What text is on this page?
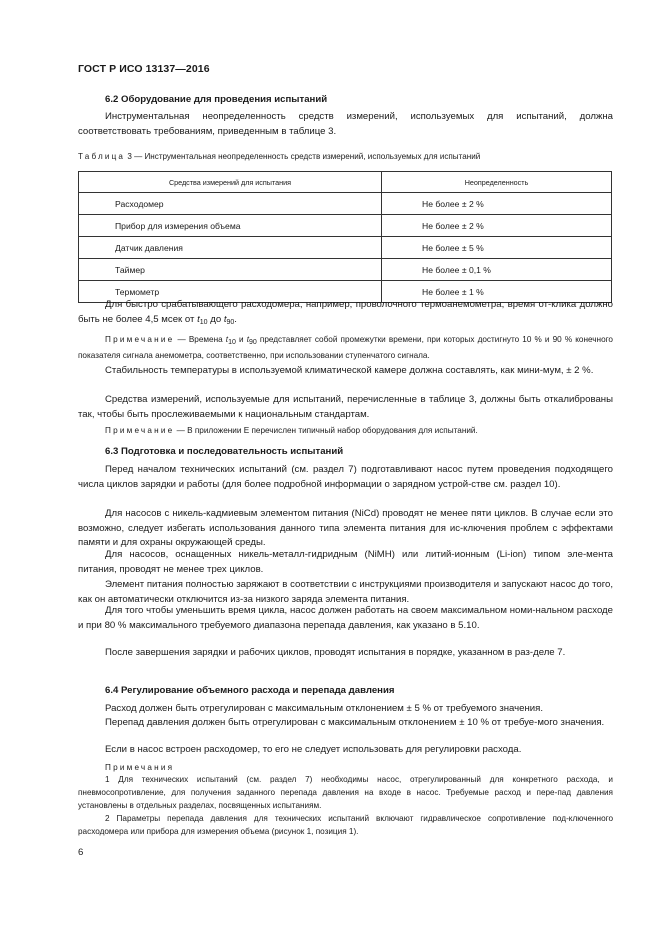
ГОСТ Р ИСО 13137—2016
6.2 Оборудование для проведения испытаний
Инструментальная неопределенность средств измерений, используемых для испытаний, должна соответствовать требованиям, приведенным в таблице 3.
Таблица 3 — Инструментальная неопределенность средств измерений, используемых для испытаний
Средства измерений для испытания	Неопределенность
Расходомер	Не более ± 2 %
Прибор для измерения объема	Не более ± 2 %
Датчик давления	Не более ± 5 %
Таймер	Не более ± 0,1 %
Термометр	Не более ± 1 %
Для быстро срабатывающего расходомера, например, проволочного термоанемометра, время от-клика должно быть не более 4,5 мсек от $t_{10}$ до $t_{90}$.
Примечание — Времена $t_{10}$ и $t_{90}$ представляет собой промежутки времени, при которых достигнуто 10 % и 90 % конечного показателя сигнала анемометра, соответственно, при использовании ступенчатого сигнала.
Стабильность температуры в используемой климатической камере должна составлять, как мини-мум, ± 2 %.
Средства измерений, используемые для испытаний, перечисленные в таблице 3, должны быть откалиброваны так, чтобы быть прослеживаемыми к национальным стандартам.
Примечание — В приложении Е перечислен типичный набор оборудования для испытаний.
6.3 Подготовка и последовательность испытаний
Перед началом технических испытаний (см. раздел 7) подготавливают насос путем проведения подходящего числа циклов зарядки и работы (для более подробной информации о зарядном устрой-стве см. раздел 10).
Для насосов с никель-кадмиевым элементом питания (NiCd) проводят не менее пяти циклов. В случае если это возможно, следует избегать использования данного типа элемента питания для ис-ключения проблем с эффектами памяти и для охраны окружающей среды.
Для насосов, оснащенных никель-металл-гидридным (NiMH) или литий-ионным (Li-ion) типом эле-мента питания, проводят не менее трех циклов.
Элемент питания полностью заряжают в соответствии с инструкциями производителя и запускают насос до того, как он автоматически отключится из-за низкого заряда элемента питания.
Для того чтобы уменьшить время цикла, насос должен работать на своем максимальном номи-нальном расходе и при 80 % максимального требуемого диапазона перепада давления, как указано в 5.10.
После завершения зарядки и рабочих циклов, проводят испытания в порядке, указанном в раз-деле 7.
6.4 Регулирование объемного расхода и перепада давления
Расход должен быть отрегулирован с максимальным отклонением ± 5 % от требуемого значения.
Перепад давления должен быть отрегулирован с максимальным отклонением ± 10 % от требуе-мого значения.
Если в насос встроен расходомер, то его не следует использовать для регулировки расхода.
Примечания
1 Для технических испытаний (см. раздел 7) необходимы насос, отрегулированный для конкретного расхода, и пневмосопротивление, для получения заданного перепада давления на входе в насос. Требуемые расход и пере-пад давления установлены в отдельных разделах, посвященных испытаниям.
2 Параметры перепада давления для технических испытаний включают гидравлическое сопротивление под-ключенного расходомера или прибора для измерения объема (рисунок 1, позиция 1).
6
